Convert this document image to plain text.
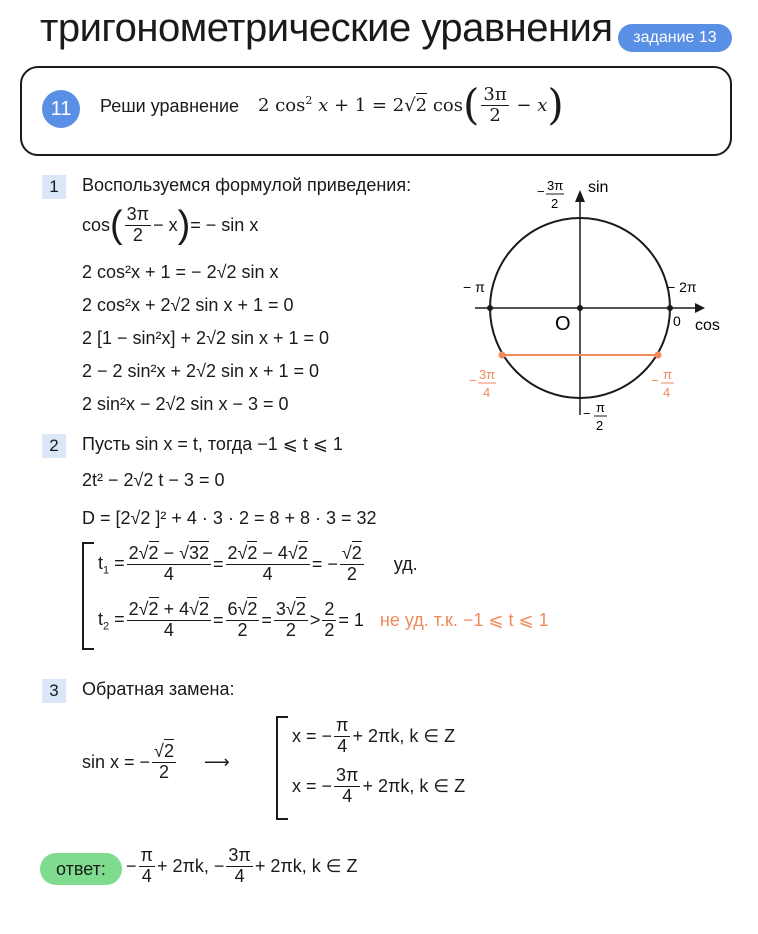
тригонометрические уравнения	задание 13
11	Реши уравнение 2 $\cos^2 x + 1 = 2√2$ cos ( $\frac{3\pi}{2} - x$ )
1	Воспользуемся формулой приведения:
cos ( $\frac{3\pi}{2} - x$ ) = − sin x
2 cos²x + 1 = − 2√2 sin x
2 cos²x + 2√2 sin x + 1 = 0
2 [1 − sin²x] + 2√2 sin x + 1 = 0
2 − 2 sin²x + 2√2 sin x + 1 = 0
2 sin²x − 2√2 sin x − 3 = 0
sin
cos
O	0
− π	− 2π
− 3π
2
− π
2
− 3π
4
− π
4
2	Пусть sin x = t, тогда −1 ⩽ t ⩽ 1
2t² − 2√2 t − 3 = 0
D = [2√2 ]² + 4 · 3 · 2 = 8 + 8 · 3 = 32
$t_1 = \frac{2√2 - √32}{4} = \frac{2√2 - 4√2}{4}$ = − $\frac{√2}{2}$ уд.
$t_2 = \frac{2√2 + 4√2}{4} = \frac{6√2}{2} = \frac{3√2}{2} > \frac{2}{2} = 1$ не уд. т.к. −1 ⩽ t ⩽ 1
3	Обратная замена:
sin x = − $\frac{√2}{2}$ ⟶
x = − $\frac{\pi}{4} + 2\pi k$, k ∈ Z
x = − $\frac{3\pi}{4} + 2\pi k$, k ∈ Z
ответ:	− $\frac{\pi}{4} + 2\pi k$, − $\frac{3\pi}{4} + 2\pi k$, k ∈ Z
